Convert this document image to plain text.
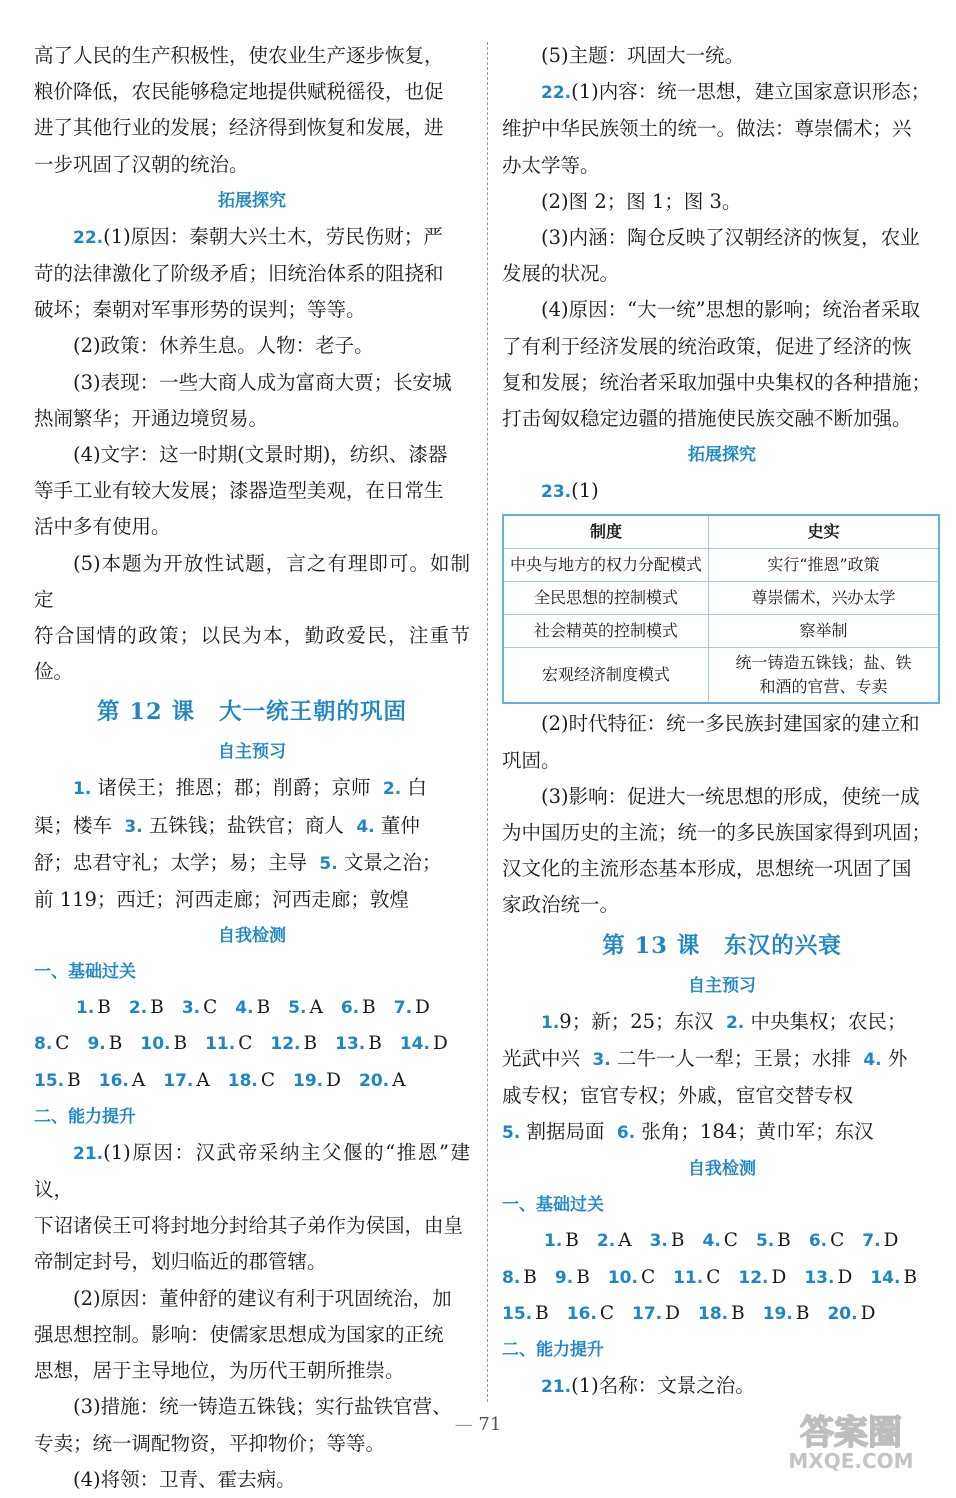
高了人民的生产积极性，使农业生产逐步恢复，

粮价降低，农民能够稳定地提供赋税徭役，也促

进了其他行业的发展；经济得到恢复和发展，进

一步巩固了汉朝的统治。

拓展探究

22.(1)原因：秦朝大兴土木，劳民伤财；严

苛的法律激化了阶级矛盾；旧统治体系的阻挠和

破坏；秦朝对军事形势的误判；等等。

(2)政策：休养生息。人物：老子。

(3)表现：一些大商人成为富商大贾；长安城

热闹繁华；开通边境贸易。

(4)文字：这一时期(文景时期)，纺织、漆器

等手工业有较大发展；漆器造型美观，在日常生

活中多有使用。

(5)本题为开放性试题，言之有理即可。如制定

符合国情的政策；以民为本，勤政爱民，注重节俭。

第 12 课 大一统王朝的巩固

自主预习

1. 诸侯王；推恩；郡；削爵；京师 2. 白

渠；楼车 3. 五铢钱；盐铁官；商人 4. 董仲

舒；忠君守礼；太学；易；主导 5. 文景之治；

前 119；西迁；河西走廊；河西走廊；敦煌

自我检测

一、基础过关

1. B 2. B 3. C 4. B 5. A 6. B 7. D
8. C 9. B 10. B 11. C 12. B 13. B 14. D
15. B 16. A 17. A 18. C 19. D 20. A

二、能力提升

21.(1)原因：汉武帝采纳主父偃的“推恩”建议，

下诏诸侯王可将封地分封给其子弟作为侯国，由皇

帝制定封号，划归临近的郡管辖。

(2)原因：董仲舒的建议有利于巩固统治，加

强思想控制。影响：使儒家思想成为国家的正统

思想，居于主导地位，为历代王朝所推崇。

(3)措施：统一铸造五铢钱；实行盐铁官营、

专卖；统一调配物资，平抑物价；等等。

(4)将领：卫青、霍去病。

(5)主题：巩固大一统。

22.(1)内容：统一思想，建立国家意识形态；

维护中华民族领土的统一。做法：尊崇儒术；兴

办太学等。

(2)图 2；图 1；图 3。

(3)内涵：陶仓反映了汉朝经济的恢复，农业

发展的状况。

(4)原因：“大一统”思想的影响；统治者采取

了有利于经济发展的统治政策，促进了经济的恢

复和发展；统治者采取加强中央集权的各种措施；

打击匈奴稳定边疆的措施使民族交融不断加强。

拓展探究

23.(1)

制度	史实
中央与地方的权力分配模式	实行“推恩”政策
全民思想的控制模式	尊崇儒术，兴办太学
社会精英的控制模式	察举制
宏观经济制度模式	统一铸造五铢钱；盐、铁
和酒的官营、专卖

(2)时代特征：统一多民族封建国家的建立和

巩固。

(3)影响：促进大一统思想的形成，使统一成

为中国历史的主流；统一的多民族国家得到巩固；

汉文化的主流形态基本形成，思想统一巩固了国

家政治统一。

第 13 课 东汉的兴衰

自主预习

1.9；新；25；东汉 2. 中央集权；农民；

光武中兴 3. 二牛一人一犁；王景；水排 4. 外

戚专权；宦官专权；外戚，宦官交替专权

5. 割据局面 6. 张角；184；黄巾军；东汉

自我检测

一、基础过关

1. B 2. A 3. B 4. C 5. B 6. C 7. D
8. B 9. B 10. C 11. C 12. D 13. D 14. B
15. B 16. C 17. D 18. B 19. B 20. D

二、能力提升

21.(1)名称：文景之治。

— 71	答案圈
MXQE.COM
